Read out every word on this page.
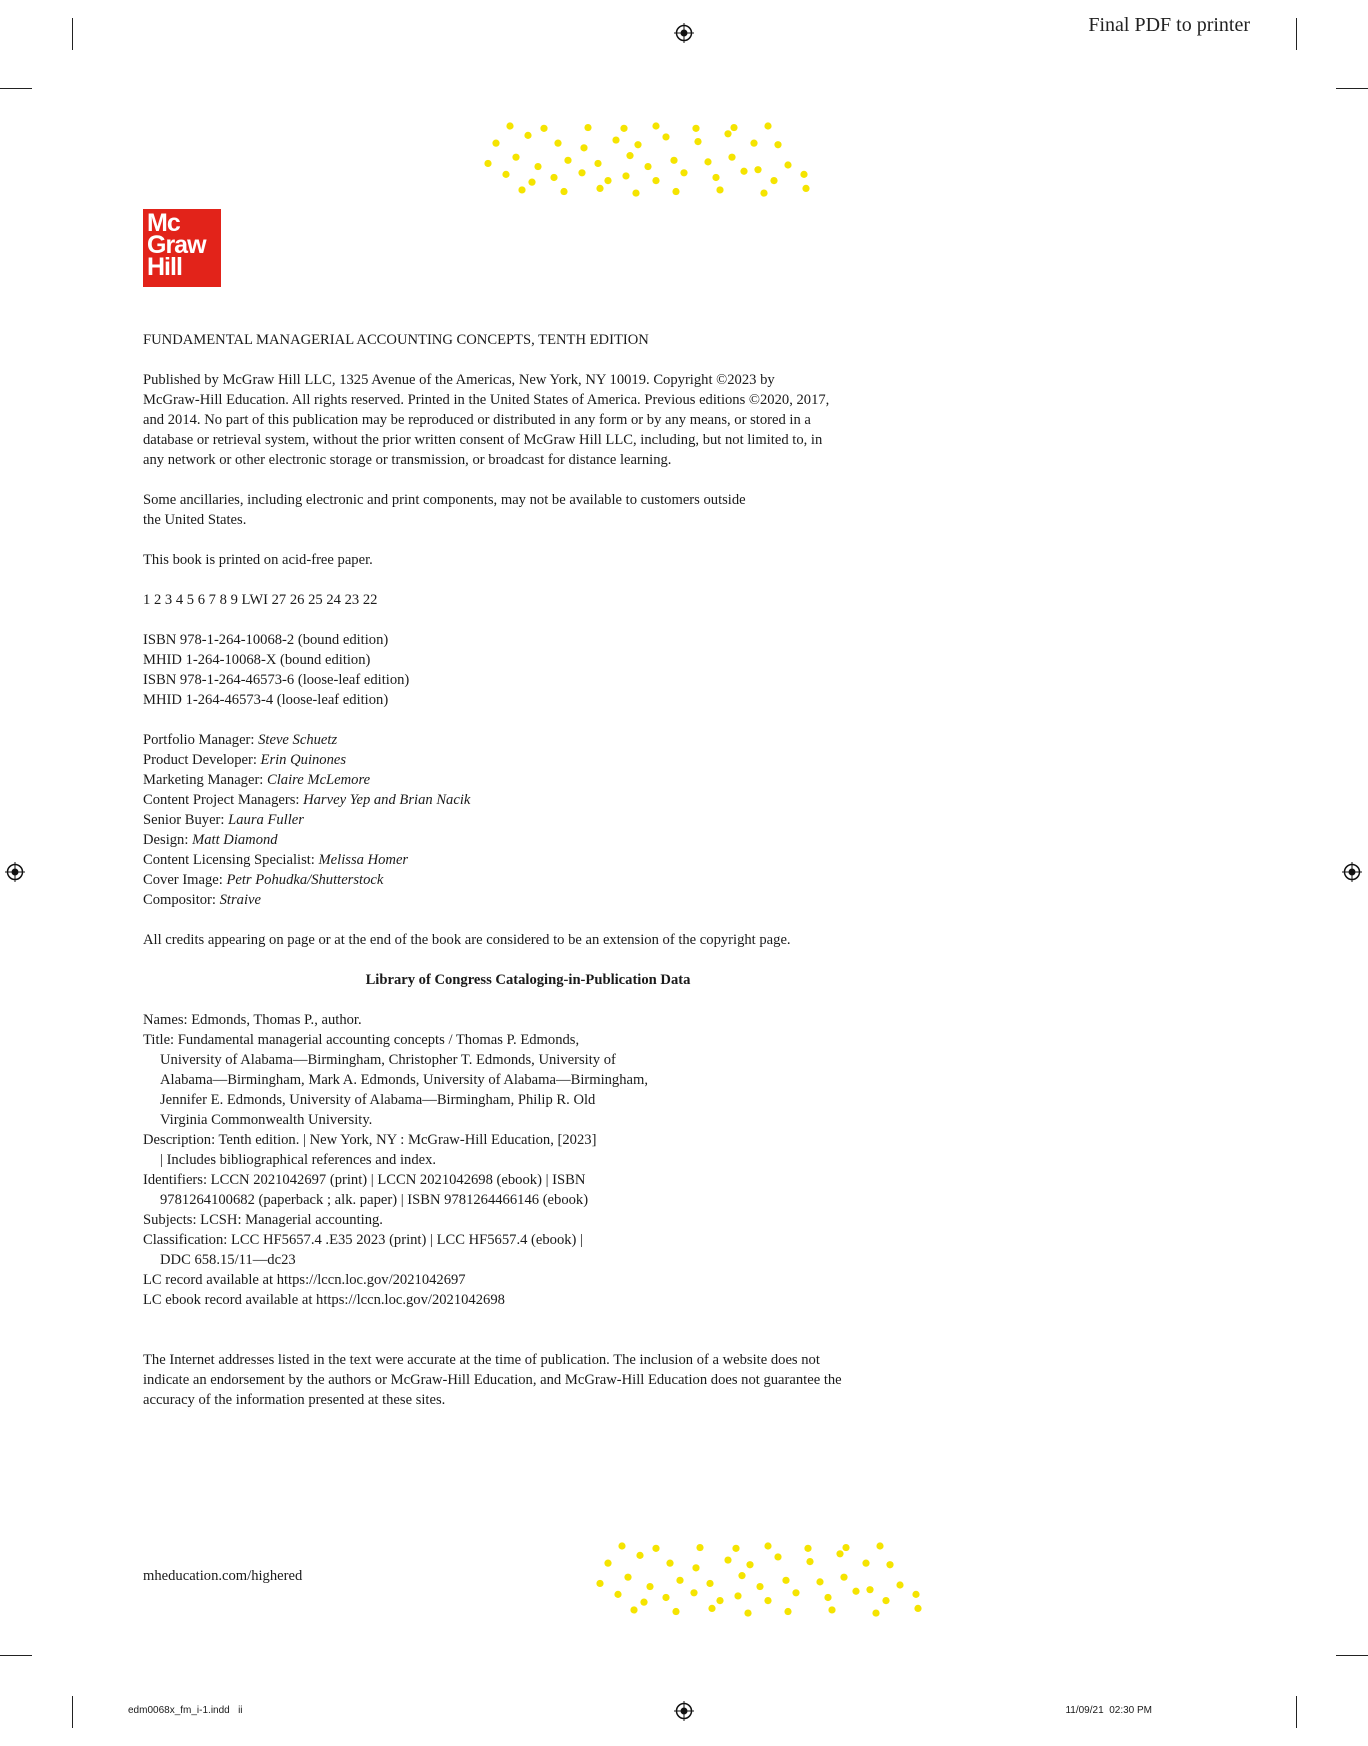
Final PDF to printer
Mc
Graw
Hill

FUNDAMENTAL MANAGERIAL ACCOUNTING CONCEPTS, TENTH EDITION

Published by McGraw Hill LLC, 1325 Avenue of the Americas, New York, NY 10019. Copyright ©2023 by

McGraw-Hill Education. All rights reserved. Printed in the United States of America. Previous editions ©2020, 2017,

and 2014. No part of this publication may be reproduced or distributed in any form or by any means, or stored in a

database or retrieval system, without the prior written consent of McGraw Hill LLC, including, but not limited to, in

any network or other electronic storage or transmission, or broadcast for distance learning.

Some ancillaries, including electronic and print components, may not be available to customers outside

the United States.

This book is printed on acid-free paper.

1 2 3 4 5 6 7 8 9 LWI 27 26 25 24 23 22

ISBN 978-1-264-10068-2 (bound edition)

MHID 1-264-10068-X (bound edition)

ISBN 978-1-264-46573-6 (loose-leaf edition)

MHID 1-264-46573-4 (loose-leaf edition)

Portfolio Manager: Steve Schuetz

Product Developer: Erin Quinones

Marketing Manager: Claire McLemore

Content Project Managers: Harvey Yep and Brian Nacik

Senior Buyer: Laura Fuller

Design: Matt Diamond

Content Licensing Specialist: Melissa Homer

Cover Image: Petr Pohudka/Shutterstock

Compositor: Straive

All credits appearing on page or at the end of the book are considered to be an extension of the copyright page.

Library of Congress Cataloging-in-Publication Data

Names: Edmonds, Thomas P., author.

Title: Fundamental managerial accounting concepts / Thomas P. Edmonds,

University of Alabama—Birmingham, Christopher T. Edmonds, University of

Alabama—Birmingham, Mark A. Edmonds, University of Alabama—Birmingham,

Jennifer E. Edmonds, University of Alabama—Birmingham, Philip R. Old

Virginia Commonwealth University.

Description: Tenth edition. | New York, NY : McGraw-Hill Education, [2023]

| Includes bibliographical references and index.

Identifiers: LCCN 2021042697 (print) | LCCN 2021042698 (ebook) | ISBN

9781264100682 (paperback ; alk. paper) | ISBN 9781264466146 (ebook)

Subjects: LCSH: Managerial accounting.

Classification: LCC HF5657.4 .E35 2023 (print) | LCC HF5657.4 (ebook) |

DDC 658.15/11—dc23

LC record available at https://lccn.loc.gov/2021042697

LC ebook record available at https://lccn.loc.gov/2021042698

The Internet addresses listed in the text were accurate at the time of publication. The inclusion of a website does not

indicate an endorsement by the authors or McGraw-Hill Education, and McGraw-Hill Education does not guarantee the

accuracy of the information presented at these sites.

mheducation.com/highered
edm0068x_fm_i-1.indd   ii	11/09/21  02:30 PM
